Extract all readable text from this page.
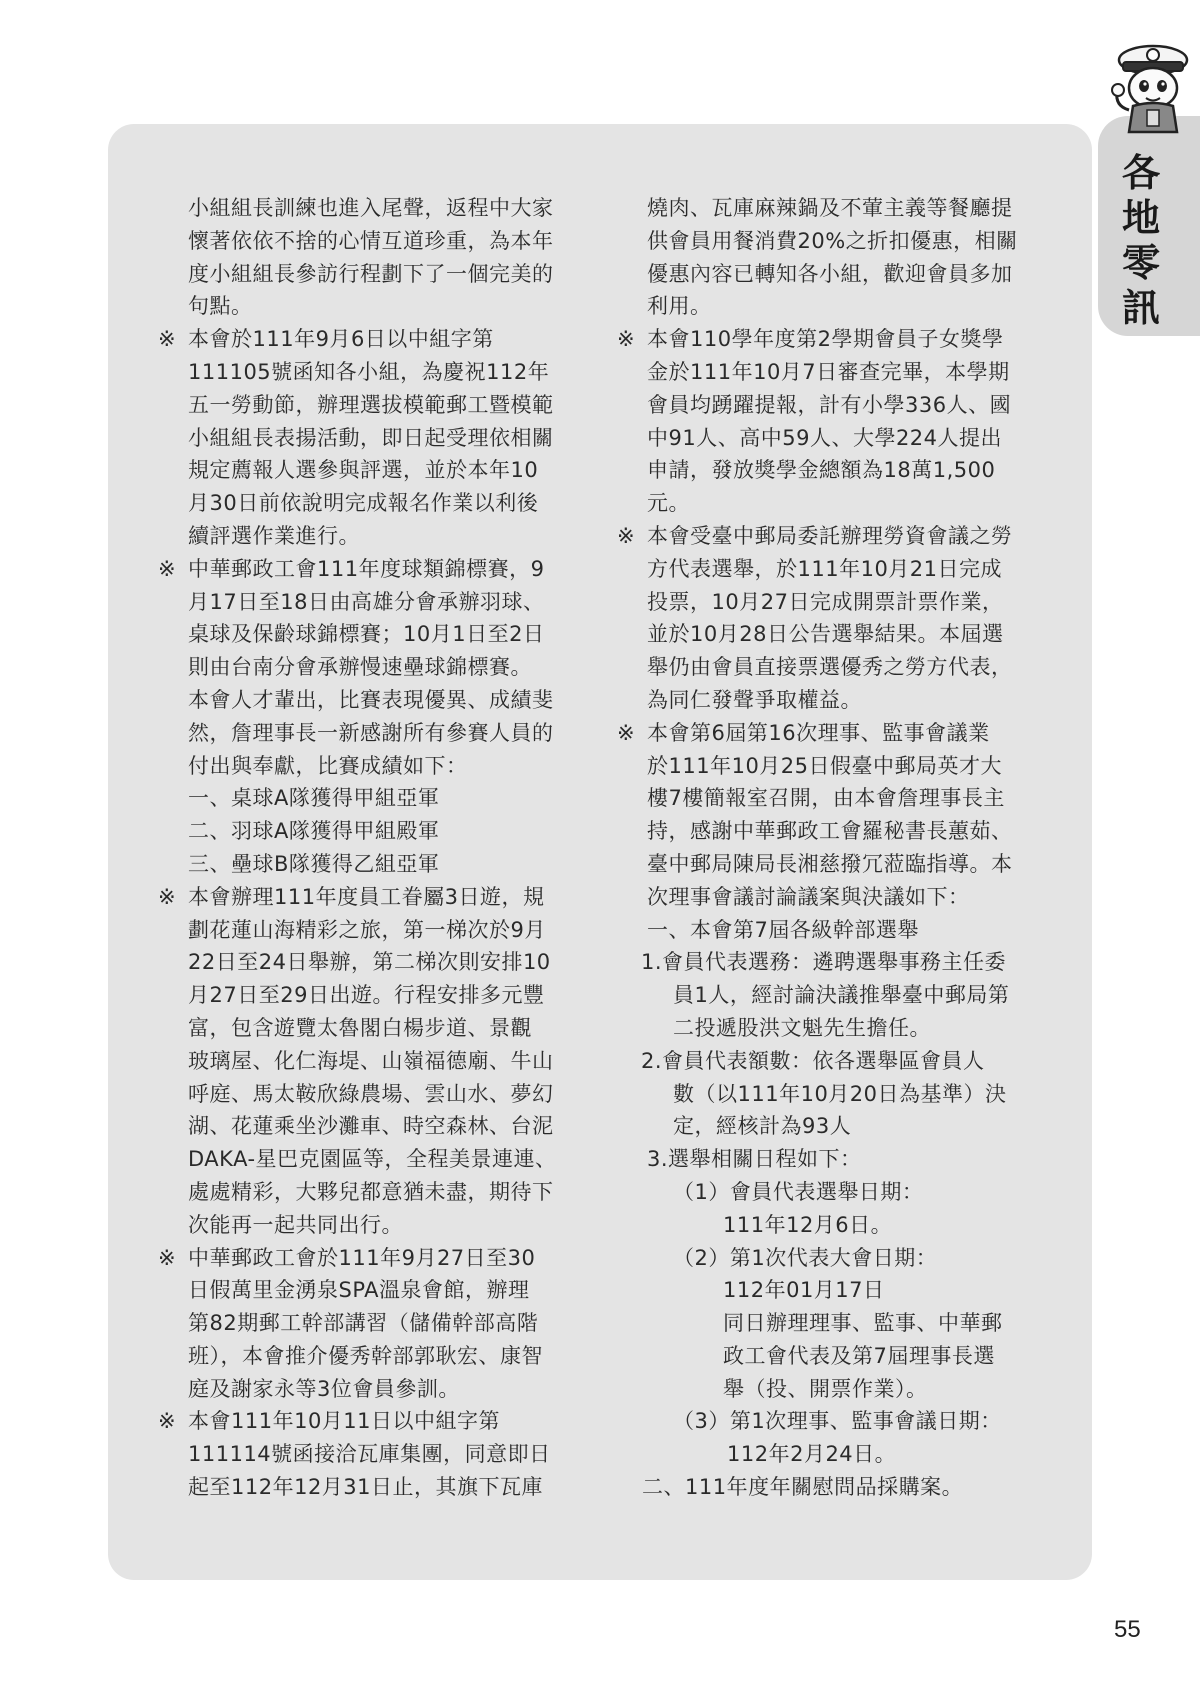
各地零訊
小組組長訓練也進入尾聲，返程中大家
懷著依依不捨的心情互道珍重，為本年
度小組組長參訪行程劃下了一個完美的
句點。
※ 本會於111年9月6日以中組字第
111105號函知各小組，為慶祝112年
五一勞動節，辦理選拔模範郵工暨模範
小組組長表揚活動，即日起受理依相關
規定薦報人選參與評選，並於本年10
月30日前依說明完成報名作業以利後
續評選作業進行。
※ 中華郵政工會111年度球類錦標賽，9
月17日至18日由高雄分會承辦羽球、
桌球及保齡球錦標賽；10月1日至2日
則由台南分會承辦慢速壘球錦標賽。
本會人才輩出，比賽表現優異、成績斐
然，詹理事長一新感謝所有參賽人員的
付出與奉獻，比賽成績如下：
一、桌球A隊獲得甲組亞軍
二、羽球A隊獲得甲組殿軍
三、壘球B隊獲得乙組亞軍
※ 本會辦理111年度員工眷屬3日遊，規
劃花蓮山海精彩之旅，第一梯次於9月
22日至24日舉辦，第二梯次則安排10
月27日至29日出遊。行程安排多元豐
富，包含遊覽太魯閣白楊步道、景觀
玻璃屋、化仁海堤、山嶺福德廟、牛山
呼庭、馬太鞍欣綠農場、雲山水、夢幻
湖、花蓮乘坐沙灘車、時空森林、台泥
DAKA-星巴克園區等，全程美景連連、
處處精彩，大夥兒都意猶未盡，期待下
次能再一起共同出行。
※ 中華郵政工會於111年9月27日至30
日假萬里金湧泉SPA溫泉會館，辦理
第82期郵工幹部講習（儲備幹部高階
班），本會推介優秀幹部郭耿宏、康智
庭及謝家永等3位會員參訓。
※ 本會111年10月11日以中組字第
111114號函接洽瓦庫集團，同意即日
起至112年12月31日止，其旗下瓦庫
燒肉、瓦庫麻辣鍋及不葷主義等餐廳提
供會員用餐消費20%之折扣優惠，相關
優惠內容已轉知各小組，歡迎會員多加
利用。
※ 本會110學年度第2學期會員子女獎學
金於111年10月7日審查完畢，本學期
會員均踴躍提報，計有小學336人、國
中91人、高中59人、大學224人提出
申請，發放獎學金總額為18萬1,500
元。
※ 本會受臺中郵局委託辦理勞資會議之勞
方代表選舉，於111年10月21日完成
投票，10月27日完成開票計票作業，
並於10月28日公告選舉結果。本屆選
舉仍由會員直接票選優秀之勞方代表，
為同仁發聲爭取權益。
※ 本會第6屆第16次理事、監事會議業
於111年10月25日假臺中郵局英才大
樓7樓簡報室召開，由本會詹理事長主
持，感謝中華郵政工會羅秘書長蕙茹、
臺中郵局陳局長湘慈撥冗蒞臨指導。本
次理事會議討論議案與決議如下：
一、本會第7屆各級幹部選舉
1.會員代表選務：遴聘選舉事務主任委
員1人，經討論決議推舉臺中郵局第
二投遞股洪文魁先生擔任。
2.會員代表額數：依各選舉區會員人
數（以111年10月20日為基準）決
定，經核計為93人
3.選舉相關日程如下：
（1）會員代表選舉日期：
111年12月6日。
（2）第1次代表大會日期：
112年01月17日
同日辦理理事、監事、中華郵
政工會代表及第7屆理事長選
舉（投、開票作業）。
（3）第1次理事、監事會議日期：
112年2月24日。
二、111年度年關慰問品採購案。
55
